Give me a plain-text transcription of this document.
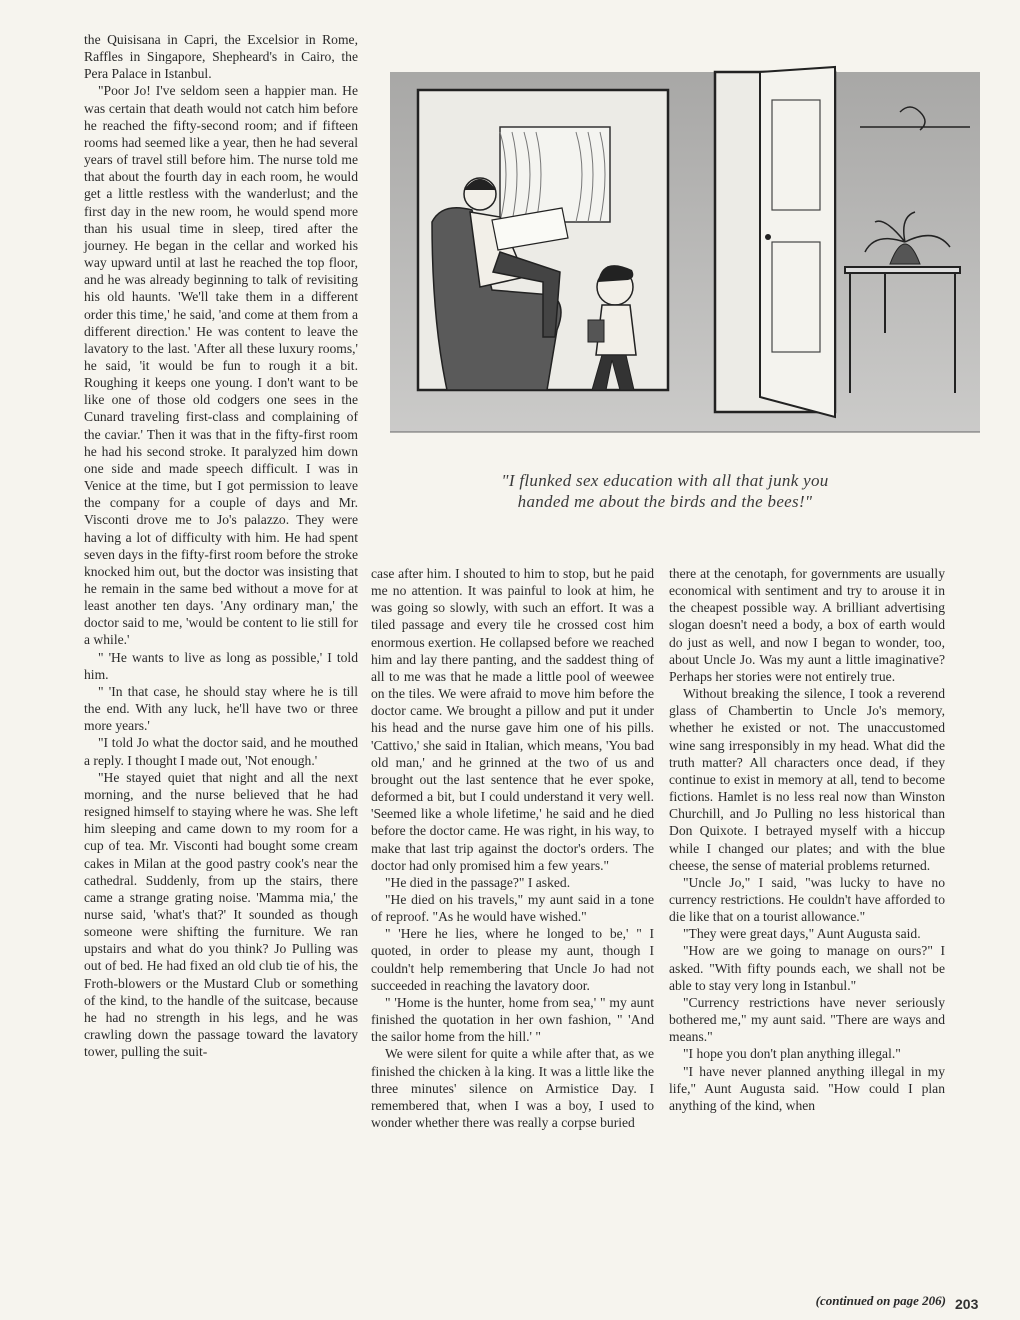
the Quisisana in Capri, the Excelsior in Rome, Raffles in Singapore, Shepheard's in Cairo, the Pera Palace in Istanbul.

"Poor Jo! I've seldom seen a happier man. He was certain that death would not catch him before he reached the fifty-second room; and if fifteen rooms had seemed like a year, then he had several years of travel still before him. The nurse told me that about the fourth day in each room, he would get a little restless with the wanderlust; and the first day in the new room, he would spend more than his usual time in sleep, tired after the journey. He began in the cellar and worked his way upward until at last he reached the top floor, and he was already beginning to talk of revisiting his old haunts. 'We'll take them in a different order this time,' he said, 'and come at them from a different direction.' He was content to leave the lavatory to the last. 'After all these luxury rooms,' he said, 'it would be fun to rough it a bit. Roughing it keeps one young. I don't want to be like one of those old codgers one sees in the Cunard traveling first-class and complaining of the caviar.' Then it was that in the fifty-first room he had his second stroke. It paralyzed him down one side and made speech difficult. I was in Venice at the time, but I got permission to leave the company for a couple of days and Mr. Visconti drove me to Jo's palazzo. They were having a lot of difficulty with him. He had spent seven days in the fifty-first room before the stroke knocked him out, but the doctor was insisting that he remain in the same bed without a move for at least another ten days. 'Any ordinary man,' the doctor said to me, 'would be content to lie still for a while.'

" 'He wants to live as long as possible,' I told him.

" 'In that case, he should stay where he is till the end. With any luck, he'll have two or three more years.'

"I told Jo what the doctor said, and he mouthed a reply. I thought I made out, 'Not enough.'

"He stayed quiet that night and all the next morning, and the nurse believed that he had resigned himself to staying where he was. She left him sleeping and came down to my room for a cup of tea. Mr. Visconti had bought some cream cakes in Milan at the good pastry cook's near the cathedral. Suddenly, from up the stairs, there came a strange grating noise. 'Mamma mia,' the nurse said, 'what's that?' It sounded as though someone were shifting the furniture. We ran upstairs and what do you think? Jo Pulling was out of bed. He had fixed an old club tie of his, the Froth-blowers or the Mustard Club or something of the kind, to the handle of the suitcase, because he had no strength in his legs, and he was crawling down the passage toward the lavatory tower, pulling the suit-

"I flunked sex education with all that junk you
handed me about the birds and the bees!"

case after him. I shouted to him to stop, but he paid me no attention. It was painful to look at him, he was going so slowly, with such an effort. It was a tiled passage and every tile he crossed cost him enormous exertion. He collapsed before we reached him and lay there panting, and the saddest thing of all to me was that he made a little pool of weewee on the tiles. We were afraid to move him before the doctor came. We brought a pillow and put it under his head and the nurse gave him one of his pills. 'Cattivo,' she said in Italian, which means, 'You bad old man,' and he grinned at the two of us and brought out the last sentence that he ever spoke, deformed a bit, but I could understand it very well. 'Seemed like a whole lifetime,' he said and he died before the doctor came. He was right, in his way, to make that last trip against the doctor's orders. The doctor had only promised him a few years."

"He died in the passage?" I asked.

"He died on his travels," my aunt said in a tone of reproof. "As he would have wished."

" 'Here he lies, where he longed to be,' " I quoted, in order to please my aunt, though I couldn't help remembering that Uncle Jo had not succeeded in reaching the lavatory door.

" 'Home is the hunter, home from sea,' " my aunt finished the quotation in her own fashion, " 'And the sailor home from the hill.' "

We were silent for quite a while after that, as we finished the chicken à la king. It was a little like the three minutes' silence on Armistice Day. I remembered that, when I was a boy, I used to wonder whether there was really a corpse buried

there at the cenotaph, for governments are usually economical with sentiment and try to arouse it in the cheapest possible way. A brilliant advertising slogan doesn't need a body, a box of earth would do just as well, and now I began to wonder, too, about Uncle Jo. Was my aunt a little imaginative? Perhaps her stories were not entirely true.

Without breaking the silence, I took a reverend glass of Chambertin to Uncle Jo's memory, whether he existed or not. The unaccustomed wine sang irresponsibly in my head. What did the truth matter? All characters once dead, if they continue to exist in memory at all, tend to become fictions. Hamlet is no less real now than Winston Churchill, and Jo Pulling no less historical than Don Quixote. I betrayed myself with a hiccup while I changed our plates; and with the blue cheese, the sense of material problems returned.

"Uncle Jo," I said, "was lucky to have no currency restrictions. He couldn't have afforded to die like that on a tourist allowance."

"They were great days," Aunt Augusta said.

"How are we going to manage on ours?" I asked. "With fifty pounds each, we shall not be able to stay very long in Istanbul."

"Currency restrictions have never seriously bothered me," my aunt said. "There are ways and means."

"I hope you don't plan anything illegal."

"I have never planned anything illegal in my life," Aunt Augusta said. "How could I plan anything of the kind, when

(continued on page 206) 203
